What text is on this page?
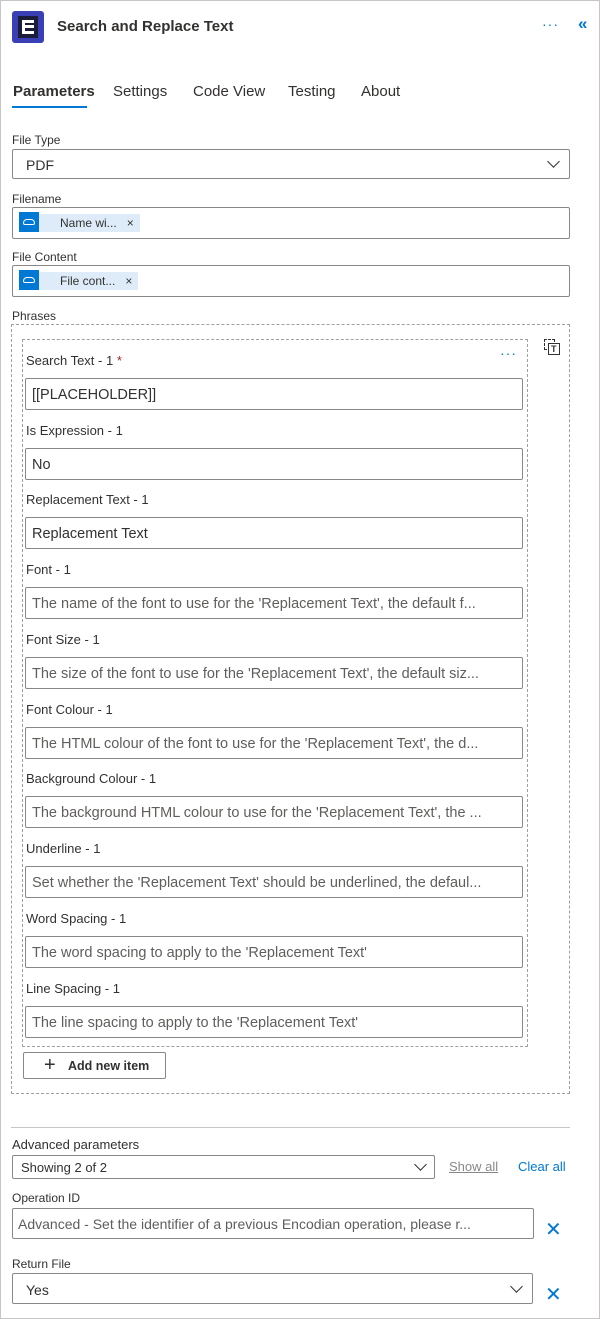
Search and Replace Text	··· «
Parameters Settings Code View Testing About
File Type
PDF
Filename
Name wi... ×
File Content
File cont... ×
Phrases
T
···
Search Text - 1 *
[[PLACEHOLDER]]
Is Expression - 1
No
Replacement Text - 1
Replacement Text
Font - 1
The name of the font to use for the 'Replacement Text', the default f...
Font Size - 1
The size of the font to use for the 'Replacement Text', the default siz...
Font Colour - 1
The HTML colour of the font to use for the 'Replacement Text', the d...
Background Colour - 1
The background HTML colour to use for the 'Replacement Text', the ...
Underline - 1
Set whether the 'Replacement Text' should be underlined, the defaul...
Word Spacing - 1
The word spacing to apply to the 'Replacement Text'
Line Spacing - 1
The line spacing to apply to the 'Replacement Text'
+ Add new item
Advanced parameters
Showing 2 of 2	Show all Clear all
Operation ID
Advanced - Set the identifier of a previous Encodian operation, please r...	✕
Return File
Yes	✕
